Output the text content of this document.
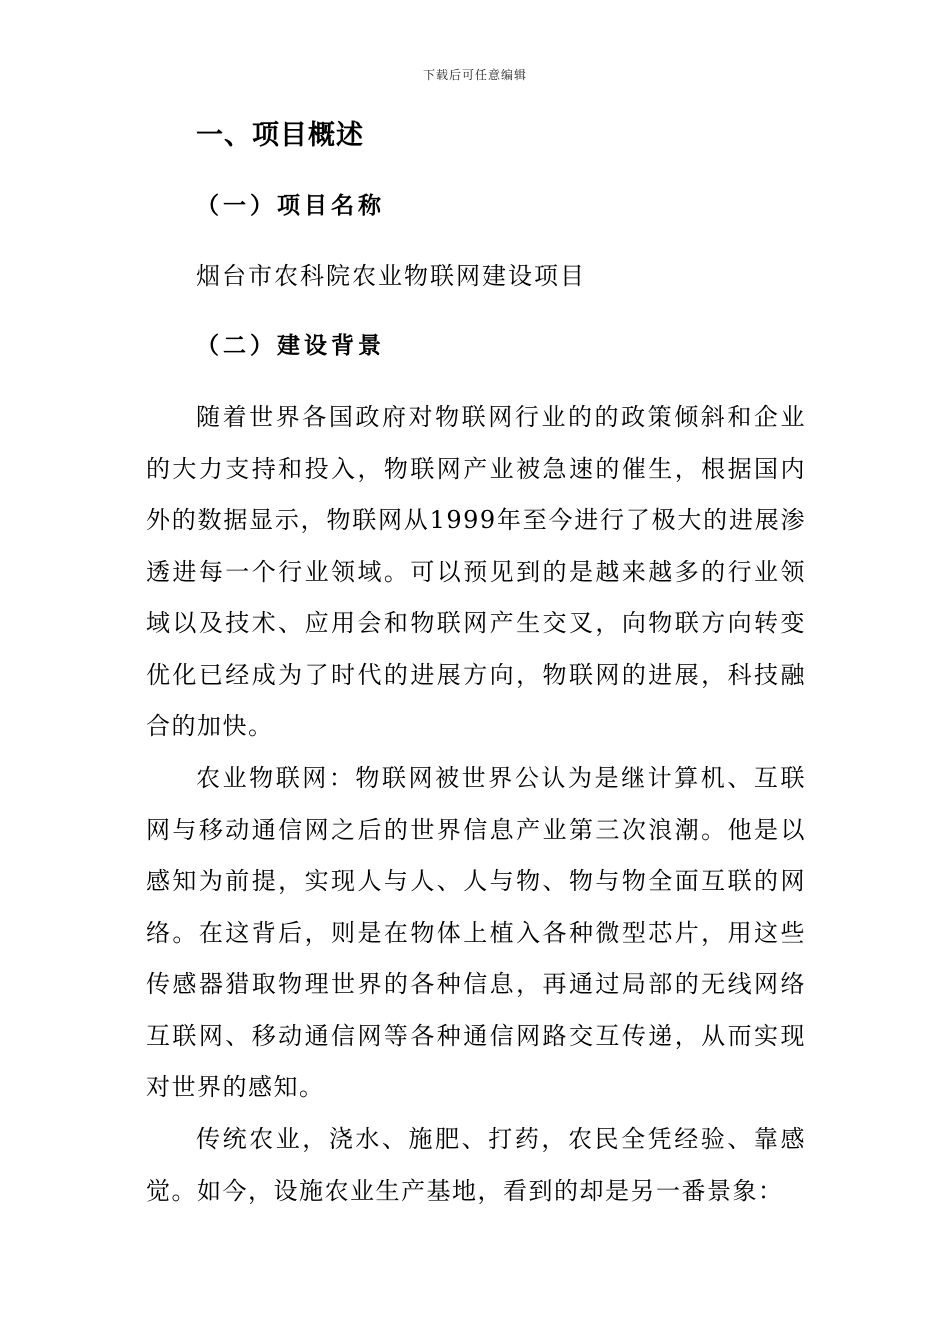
下载后可任意编辑
一、项目概述
（一）项目名称
烟台市农科院农业物联网建设项目
（二）建设背景

随着世界各国政府对物联网行业的的政策倾斜和企业的大力支持和投入，物联网产业被急速的催生，根据国内外的数据显示，物联网从1999年至今进行了极大的进展渗透进每一个行业领域。可以预见到的是越来越多的行业领域以及技术、应用会和物联网产生交叉，向物联方向转变优化已经成为了时代的进展方向，物联网的进展，科技融合的加快。

农业物联网：物联网被世界公认为是继计算机、互联网与移动通信网之后的世界信息产业第三次浪潮。他是以感知为前提，实现人与人、人与物、物与物全面互联的网络。在这背后，则是在物体上植入各种微型芯片，用这些传感器猎取物理世界的各种信息，再通过局部的无线网络互联网、移动通信网等各种通信网路交互传递，从而实现对世界的感知。

传统农业，浇水、施肥、打药，农民全凭经验、靠感觉。如今，设施农业生产基地，看到的却是另一番景象：
